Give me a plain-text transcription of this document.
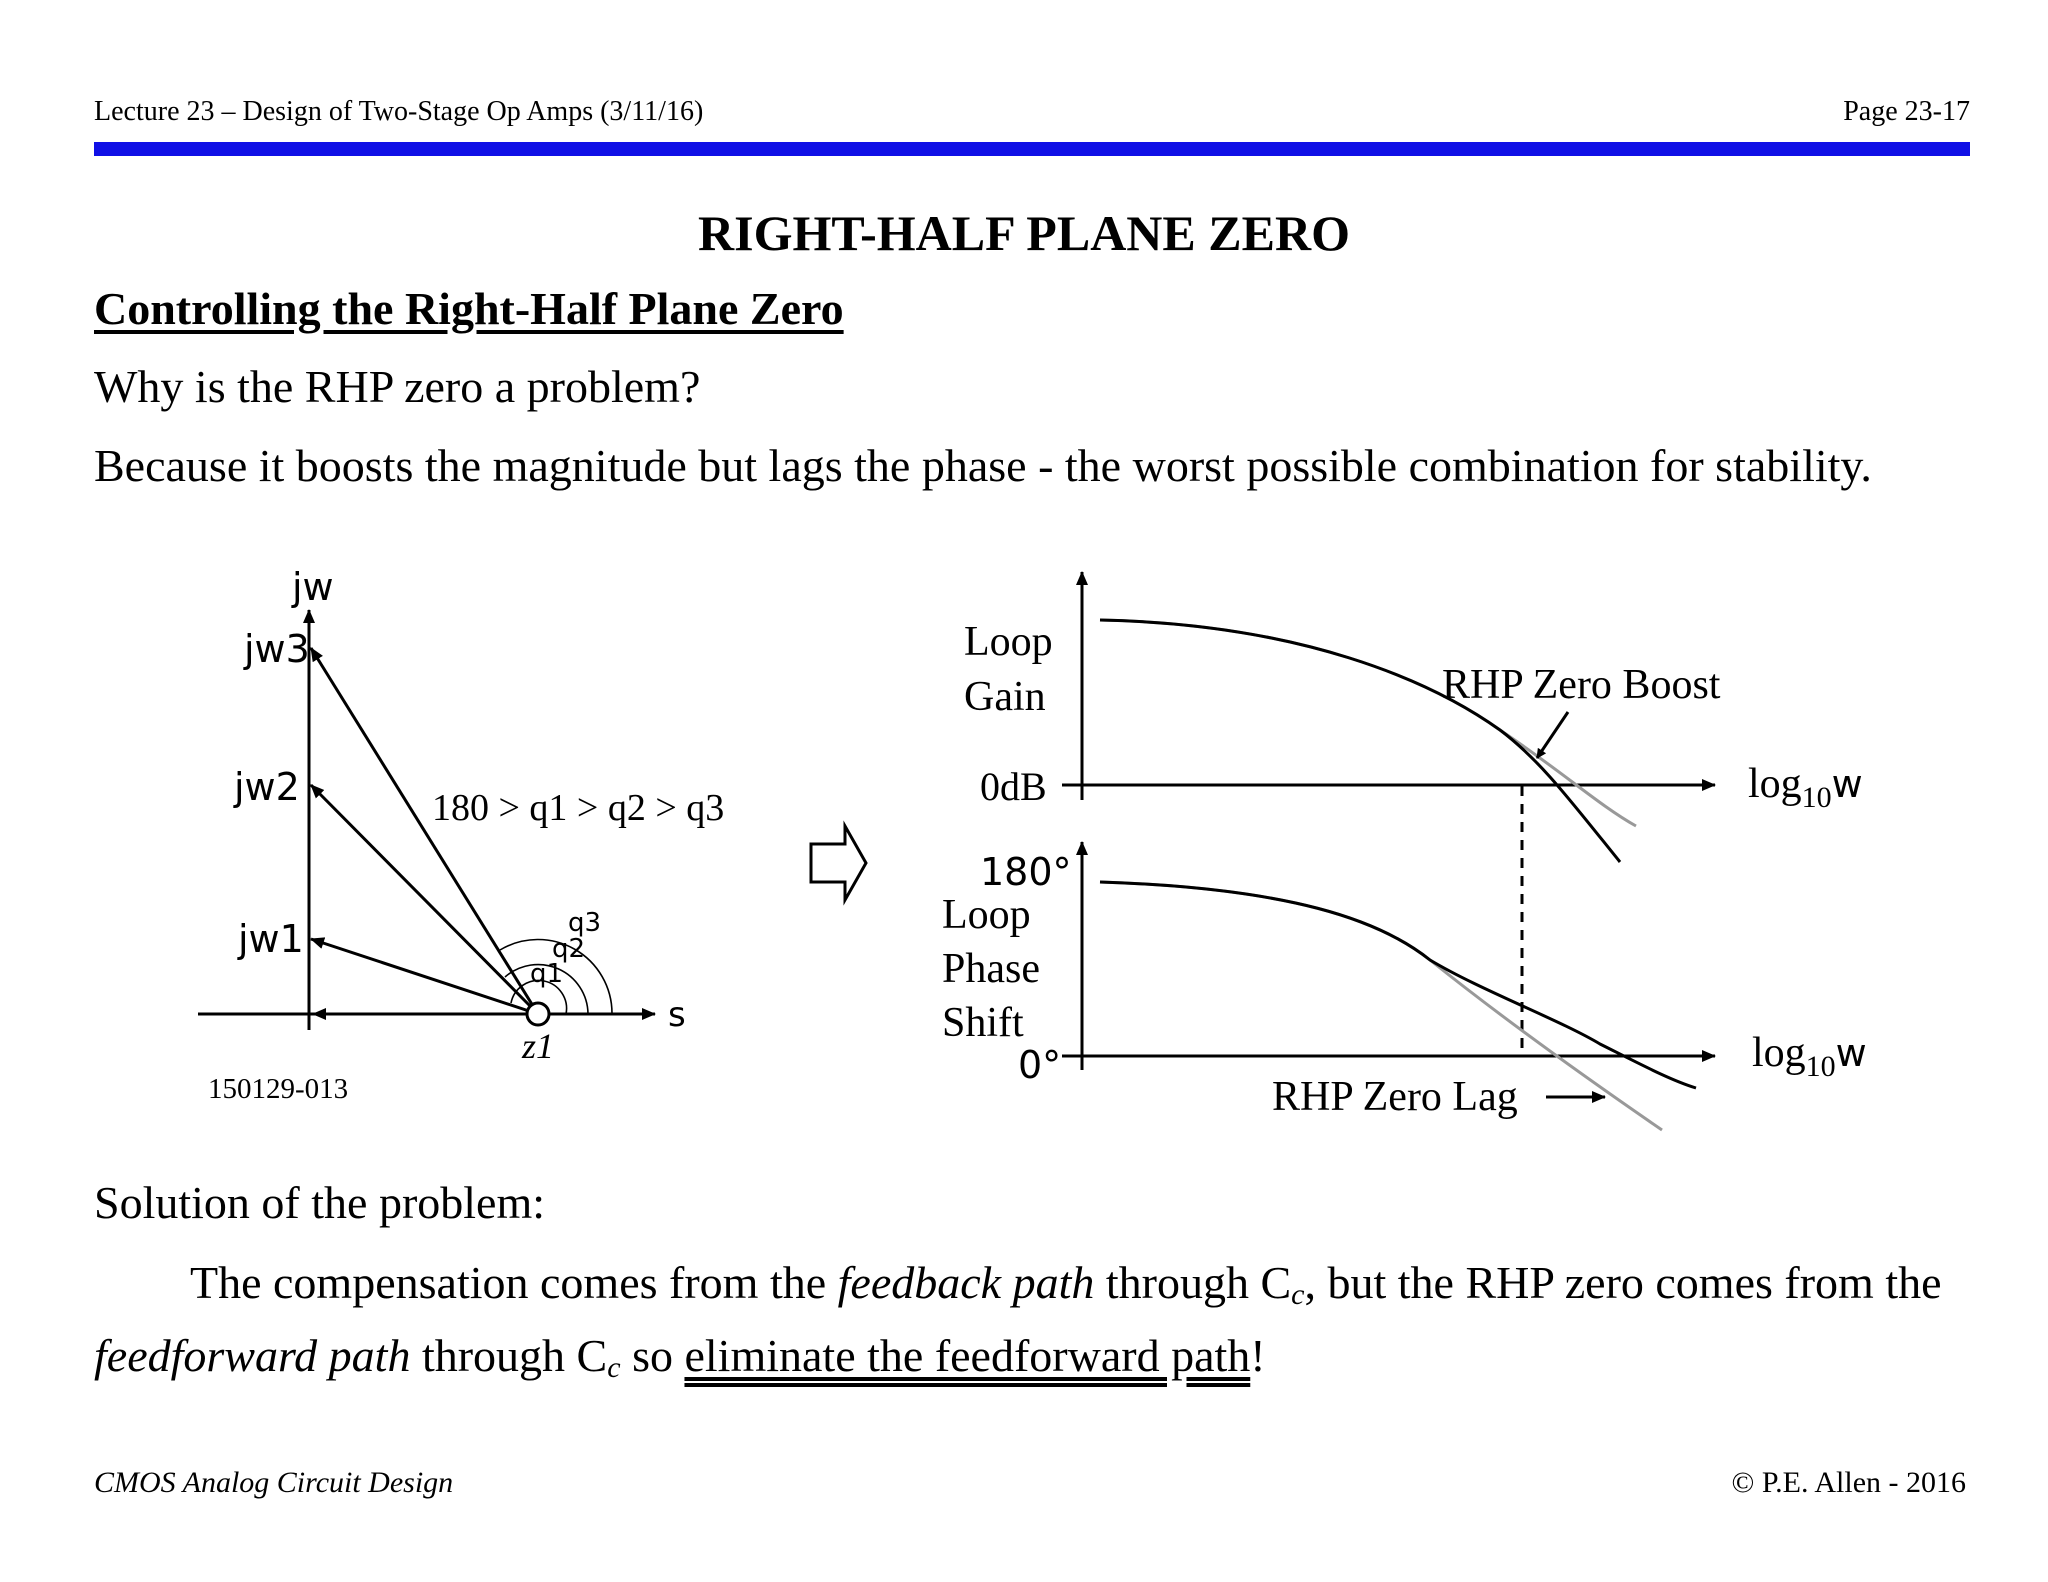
Lecture 23 – Design of Two-Stage Op Amps (3/11/16)	Page 23-17
RIGHT-HALF PLANE ZERO
Controlling the Right-Half Plane Zero
Why is the RHP zero a problem?
Because it boosts the magnitude but lags the phase - the worst possible combination for stability.
jw
jw3
jw2
jw1
s
z1
180 > q1 > q2 > q3
q1
q2
q3
150129-013
Loop
Gain
0dB
RHP Zero Boost
$\log_{10}w$
180°
Loop
Phase
Shift
0°
RHP Zero Lag
$\log_{10}w$
Solution of the problem:
The compensation comes from the feedback path through $C_c$, but the RHP zero comes from the feedforward path through $C_c$ so eliminate the feedforward path!
CMOS Analog Circuit Design	© P.E. Allen - 2016
